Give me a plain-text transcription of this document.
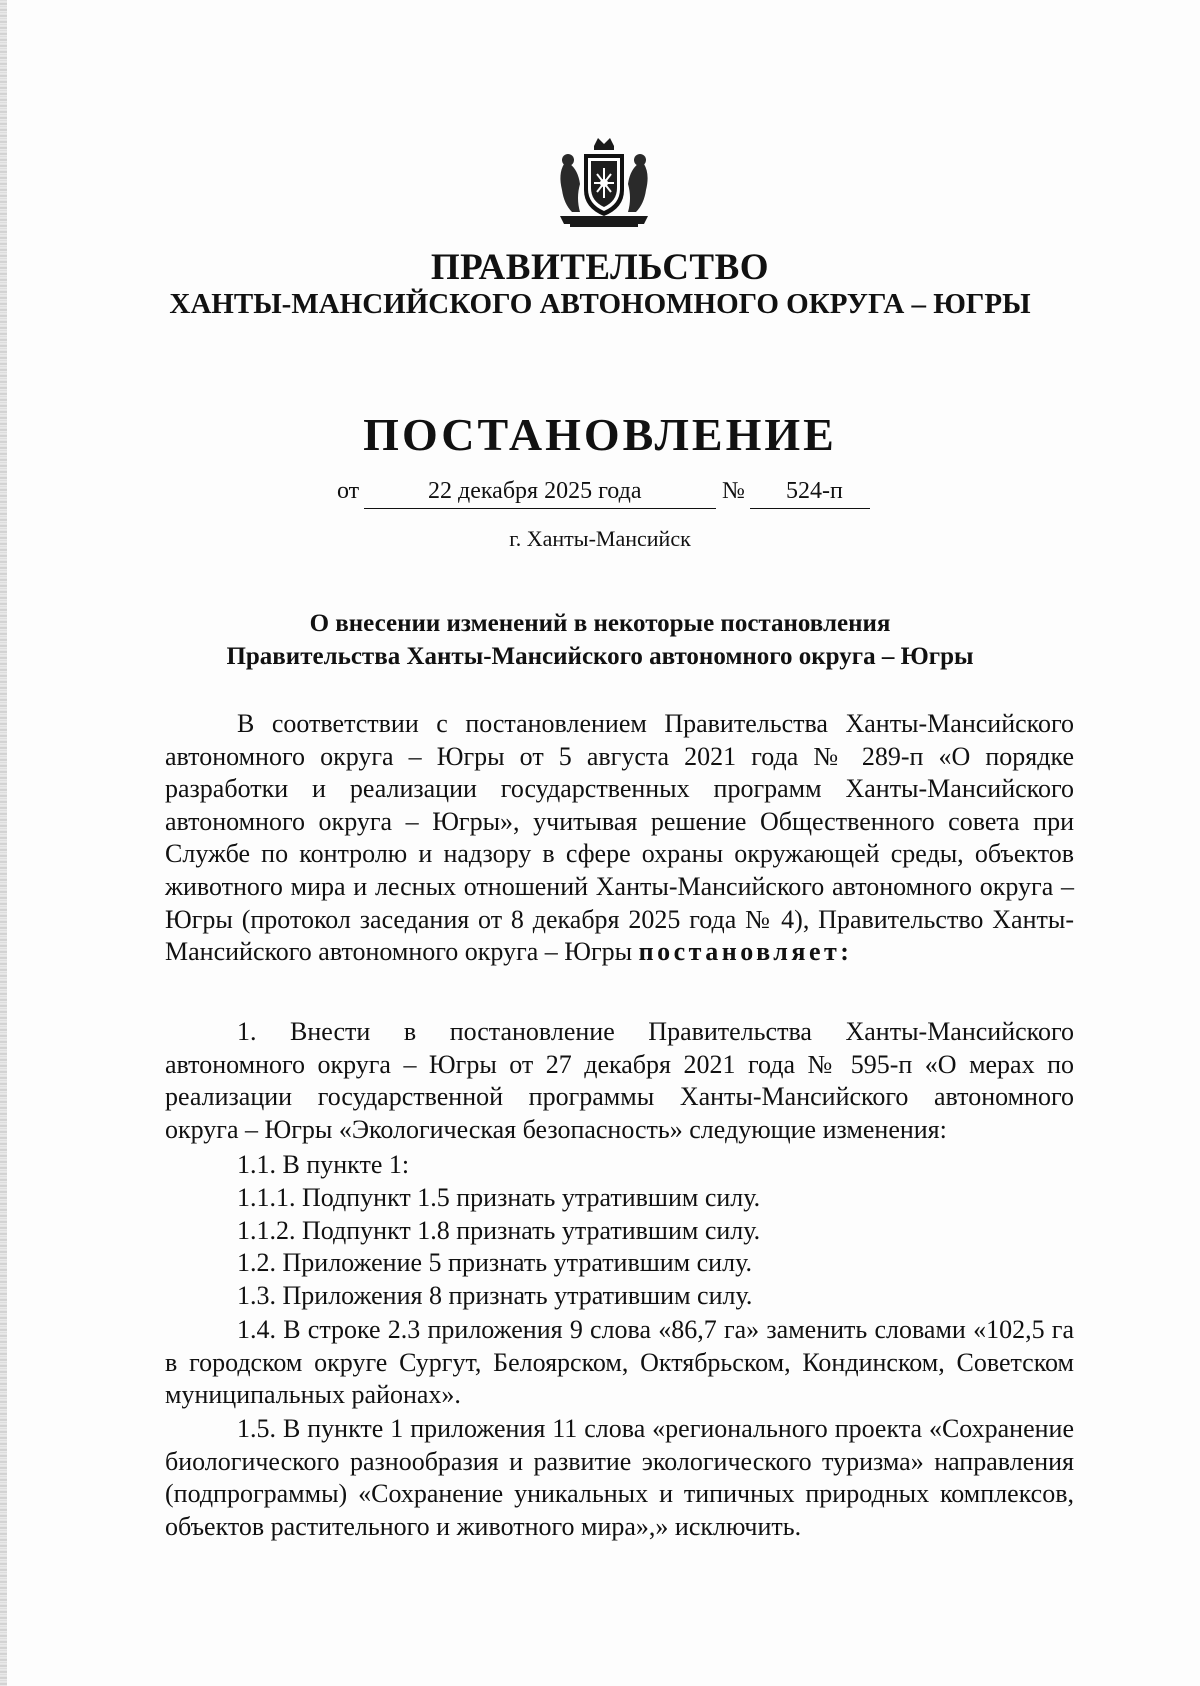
ПРАВИТЕЛЬСТВО
ХАНТЫ-МАНСИЙСКОГО АВТОНОМНОГО ОКРУГА – ЮГРЫ
ПОСТАНОВЛЕНИЕ
от	22 декабря 2025 года	№ 524-п
г. Ханты-Мансийск
О внесении изменений в некоторые постановления
Правительства Ханты-Мансийского автономного округа – Югры

В соответствии с постановлением Правительства Ханты-Мансийского автономного округа – Югры от 5 августа 2021 года № 289-п «О порядке разработки и реализации государственных программ Ханты-Мансийского автономного округа – Югры», учитывая решение Общественного совета при Службе по контролю и надзору в сфере охраны окружающей среды, объектов животного мира и лесных отношений Ханты-Мансийского автономного округа – Югры (протокол заседания от 8 декабря 2025 года № 4), Правительство Ханты-Мансийского автономного округа – Югры постановляет:

1. Внести в постановление Правительства Ханты-Мансийского автономного округа – Югры от 27 декабря 2021 года № 595-п «О мерах по реализации государственной программы Ханты-Мансийского автономного округа – Югры «Экологическая безопасность» следующие изменения:

1.1. В пункте 1:

1.1.1. Подпункт 1.5 признать утратившим силу.

1.1.2. Подпункт 1.8 признать утратившим силу.

1.2. Приложение 5 признать утратившим силу.

1.3. Приложения 8 признать утратившим силу.

1.4. В строке 2.3 приложения 9 слова «86,7 га» заменить словами «102,5 га в городском округе Сургут, Белоярском, Октябрьском, Кондинском, Советском муниципальных районах».

1.5. В пункте 1 приложения 11 слова «регионального проекта «Сохранение биологического разнообразия и развитие экологического туризма» направления (подпрограммы) «Сохранение уникальных и типичных природных комплексов, объектов растительного и животного мира»,» исключить.
